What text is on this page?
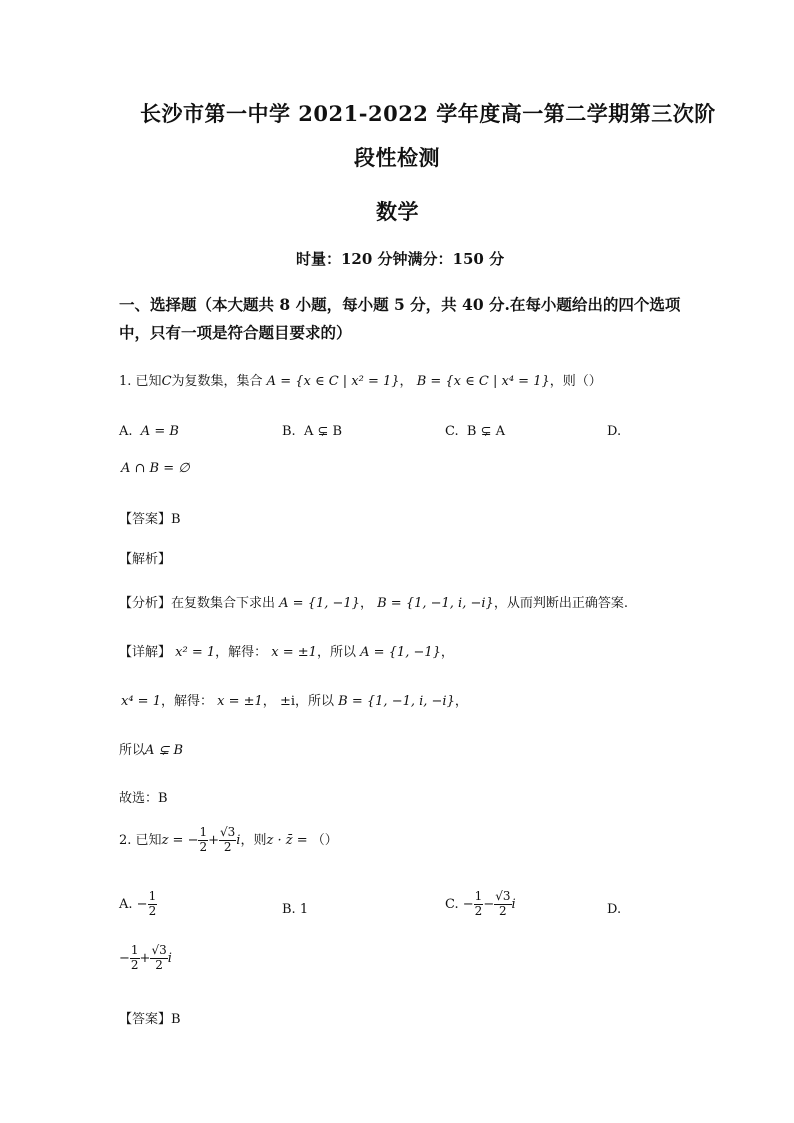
长沙市第一中学 2021-2022 学年度高一第二学期第三次阶
段性检测
数学
时量：120 分钟满分：150 分
一、选择题（本大题共 8 小题，每小题 5 分，共 40 分.在每小题给出的四个选项
中，只有一项是符合题目要求的）
1. 已知C为复数集，集合 A = {x ∈ C | x² = 1}， B = {x ∈ C | x⁴ = 1}，则（）
A. A = B	B. A ⊊ B	C. B ⊊ A	D.
A ∩ B = ∅
【答案】B
【解析】
【分析】在复数集合下求出 A = {1, −1}， B = {1, −1, i, −i}，从而判断出正确答案.
【详解】 x² = 1，解得： x = ±1，所以 A = {1, −1}，
x⁴ = 1，解得： x = ±1， ±i，所以 B = {1, −1, i, −i}，
所以A ⊊ B
故选：B
2. 已知z = − $\frac{1}{2} + \frac{√3}{2}$ i，则z · z̄ = （）
A. − $\frac{1}{2}$	B. 1	C. − $\frac{1}{2} - \frac{√3}{2}$ i	D.
− $\frac{1}{2} + \frac{√3}{2}$ i
【答案】B
